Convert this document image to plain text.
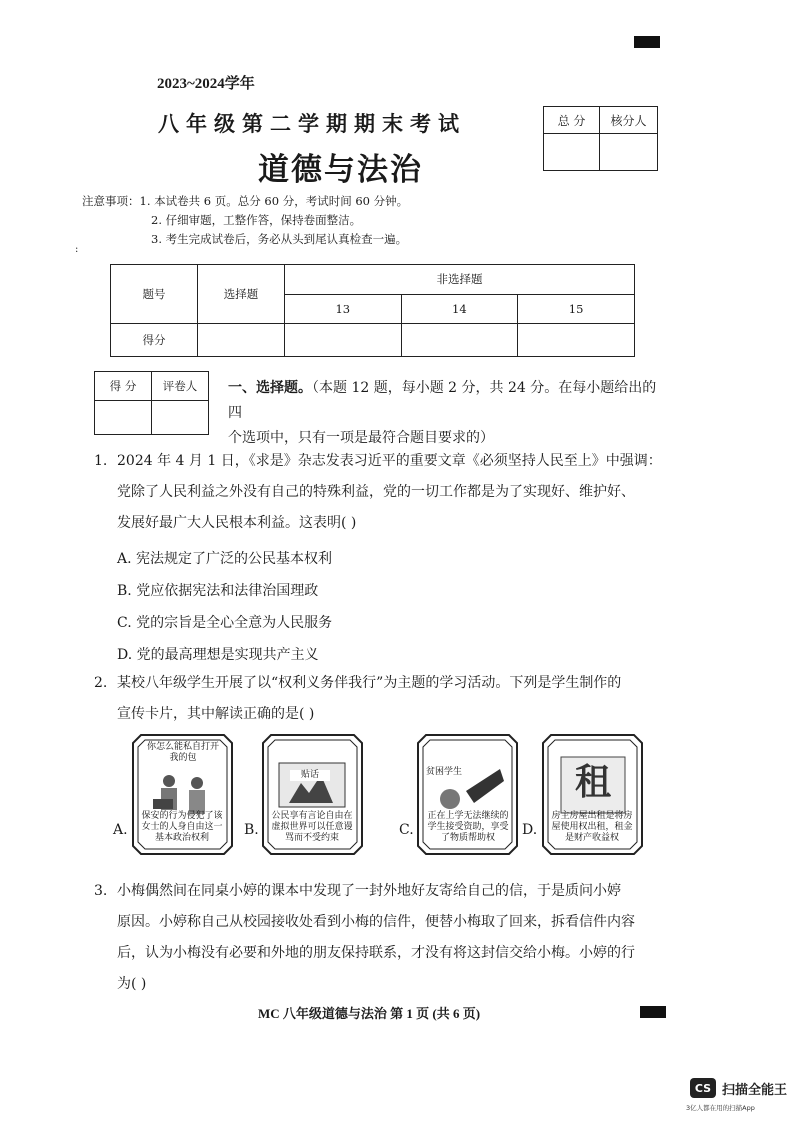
:
2023~2024学年
八年级第二学期期末考试
道德与法治
总 分	核分人

注意事项：1. 本试卷共 6 页。总分 60 分，考试时间 60 分钟。
2. 仔细审题，工整作答，保持卷面整洁。
3. 考生完成试卷后，务必从头到尾认真检查一遍。
题号	选择题	非选择题		
		13	14	15
得分				
得 分	评卷人
	一、选择题。（本题 12 题，每小题 2 分，共 24 分。在每小题给出的四
个选项中，只有一项是最符合题目要求的）
1. 2024 年 4 月 1 日，《求是》杂志发表习近平的重要文章《必须坚持人民至上》中强调：
党除了人民利益之外没有自己的特殊利益，党的一切工作都是为了实现好、维护好、
发展好最广大人民根本利益。这表明( )
A. 宪法规定了广泛的公民基本权利
B. 党应依据宪法和法律治国理政
C. 党的宗旨是全心全意为人民服务
D. 党的最高理想是实现共产主义
2. 某校八年级学生开展了以“权利义务伴我行”为主题的学习活动。下列是学生制作的
宣传卡片，其中解读正确的是( )
A.
你怎么能私自打开我的包
保安的行为侵犯了该女士的人身自由这一基本政治权利	B.
贴话
公民享有言论自由在虚拟世界可以任意谩骂而不受约束	C.
贫困学生
正在上学无法继续的学生接受资助，享受了物质帮助权	D.
租
房主房屋出租是将房屋使用权出租，租金是财产收益权
3. 小梅偶然间在同桌小婷的课本中发现了一封外地好友寄给自己的信，于是质问小婷
原因。小婷称自己从校园接收处看到小梅的信件，便替小梅取了回来，拆看信件内容
后，认为小梅没有必要和外地的朋友保持联系，才没有将这封信交给小梅。小婷的行
为( )
MC 八年级道德与法治 第 1 页 (共 6 页)
CS 扫描全能王
3亿人都在用的扫描App
